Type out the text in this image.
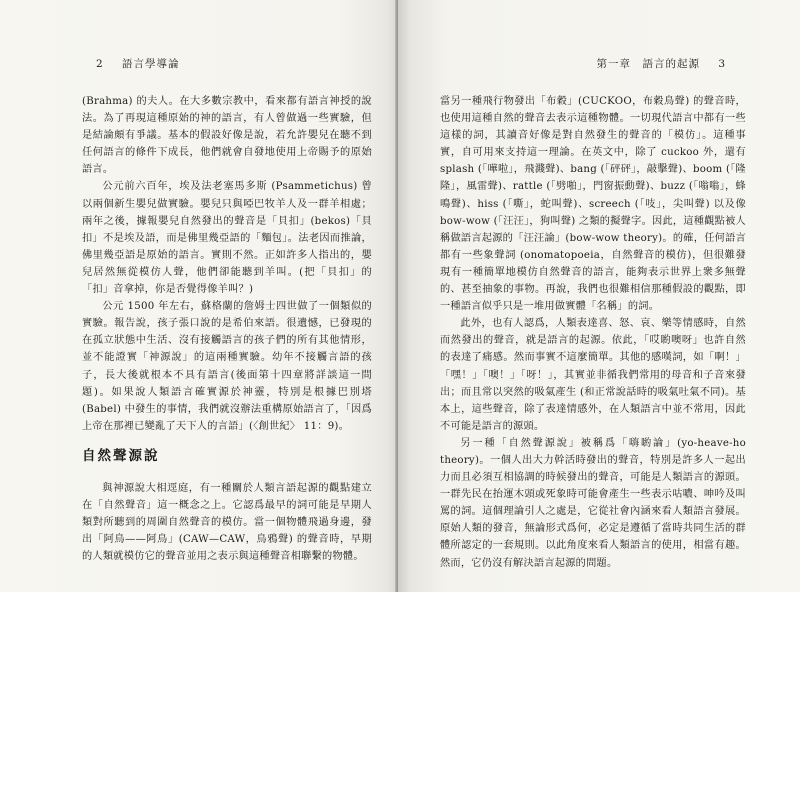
2 語言學導論

(Brahma) 的夫人。在大多數宗教中，看來都有語言神授的說法。為了再現這種原始的神的語言，有人曾做過一些實驗，但是結論頗有爭議。基本的假設好像是說，若允許嬰兒在聽不到任何語言的條件下成長，他們就會自發地使用上帝賜予的原始語言。

公元前六百年，埃及法老塞馬多斯 (Psammetichus) 曾以兩個新生嬰兒做實驗。嬰兒只與啞巴牧羊人及一群羊相處；兩年之後，據報嬰兒自然發出的聲音是「貝扣」(bekos)「貝扣」不是埃及語，而是佛里幾亞語的「麵包」。法老因而推論，佛里幾亞語是原始的語言。實則不然。正如許多人指出的，嬰兒居然無從模仿人聲，他們卻能聽到羊叫。(把「貝扣」的「扣」音拿掉，你是否覺得像羊叫？)

公元 1500 年左右，蘇格蘭的詹姆士四世做了一個類似的實驗。報告說，孩子張口說的是希伯來語。很遺憾，已發現的在孤立狀態中生活、沒有接觸語言的孩子們的所有其他情形，並不能證實「神源說」的這兩種實驗。幼年不接觸言語的孩子，長大後就根本不具有語言(後面第十四章將詳談這一問題)。如果說人類語言確實源於神靈，特別是根據巴別塔 (Babel) 中發生的事情，我們就沒辦法重構原始語言了，「因爲上帝在那裡已變亂了天下人的言語」(〈創世紀〉 11：9)。

自然聲源說

與神源說大相逕庭，有一種關於人類言語起源的觀點建立在「自然聲音」這一概念之上。它認爲最早的詞可能是早期人類對所聽到的周圍自然聲音的模仿。當一個物體飛過身邊，發出「阿鳥——阿鳥」(CAW—CAW，鳥鴉聲) 的聲音時，早期的人類就模仿它的聲音並用之表示與這種聲音相聯繫的物體。

第一章　語言的起源 3

當另一種飛行物發出「布穀」(CUCKOO，布穀鳥聲) 的聲音時，也使用這種自然的聲音去表示這種物體。一切現代語言中都有一些這樣的詞，其讀音好像是對自然發生的聲音的「模仿」。這種事實，自可用來支持這一理論。在英文中，除了 cuckoo 外，還有 splash (「嘩啦」，飛濺聲)、bang (「砰砰」，敲擊聲)、boom (「隆隆」，風雷聲)、rattle (「劈啪」，門窗振動聲)、buzz (「嗡嗡」，蜂鳴聲)、hiss (「嘶」，蛇叫聲)、screech (「吱」，尖叫聲) 以及像 bow-wow (「汪汪」，狗叫聲) 之類的擬聲字。因此，這種觀點被人稱做語言起源的「汪汪論」(bow-wow theory)。的確，任何語言都有一些象聲詞 (onomatopoeia，自然聲音的模仿)，但很難發現有一種簡單地模仿自然聲音的語言，能夠表示世界上衆多無聲的、甚至抽象的事物。再說，我們也很難相信那種假設的觀點，即一種語言似乎只是一堆用做實體「名稱」的詞。

此外，也有人認爲，人類表達喜、怒、哀、樂等情感時，自然而然發出的聲音，就是語言的起源。依此，「哎喲噢呀」也許自然的表達了痛感。然而事實不這麼簡單。其他的感嘆詞，如「啊！」「嘿！」「噢！」「呀！」，其實並非循我們常用的母音和子音來發出；而且常以突然的吸氣產生 (和正常說話時的吸氣吐氣不同)。基本上，這些聲音，除了表達情感外，在人類語言中並不常用，因此不可能是語言的源頭。

另一種「自然聲源說」被稱爲「嗨喲論」(yo-heave-ho theory)。一個人出大力幹活時發出的聲音，特別是許多人一起出力而且必須互相協調的時候發出的聲音，可能是人類語言的源頭。一群先民在抬運木頭或死象時可能會產生一些表示咕噥、呻吟及叫罵的詞。這個理論引人之處是，它從社會內涵來看人類語言發展。原始人類的發音，無論形式爲何，必定是遵循了當時共同生活的群體所認定的一套規則。以此角度來看人類語言的使用，相當有趣。然而，它仍沒有解決語言起源的問題。
